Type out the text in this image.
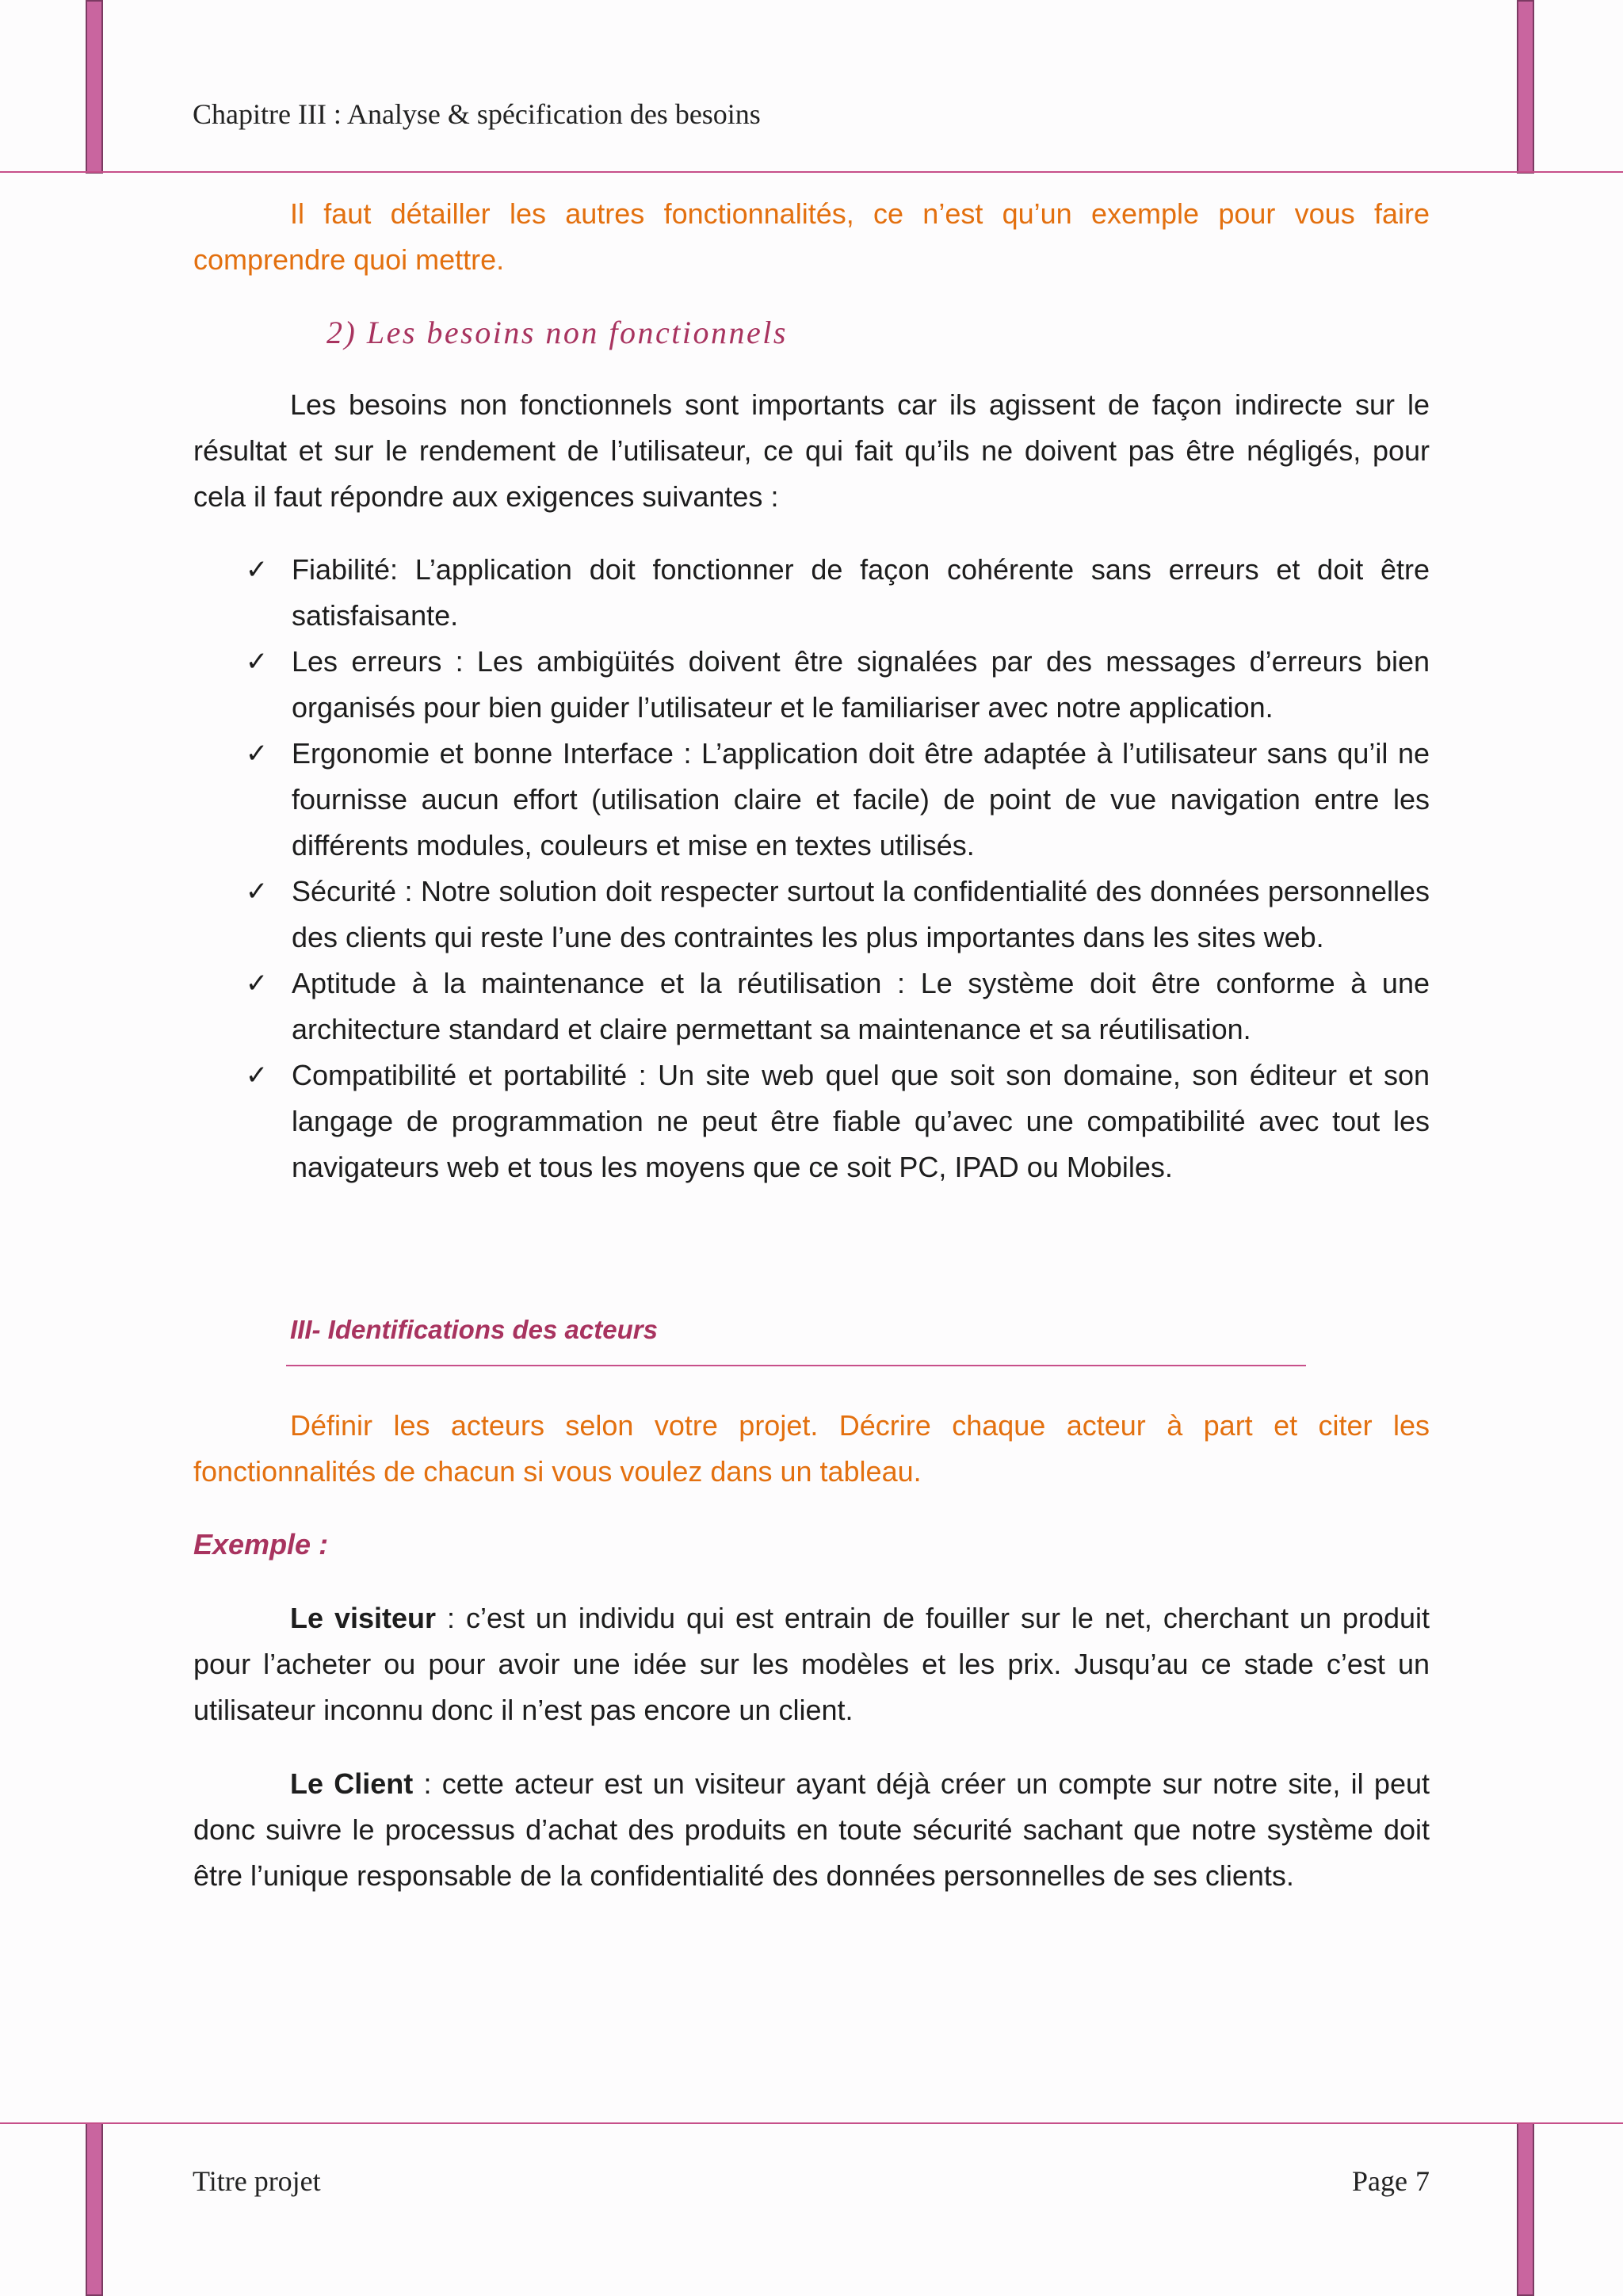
Chapitre III : Analyse & spécification des besoins

Il faut détailler les autres fonctionnalités, ce n’est qu’un exemple pour vous faire comprendre quoi mettre.

2) Les besoins non fonctionnels

Les besoins non fonctionnels sont importants car ils agissent de façon indirecte sur le résultat et sur le rendement de l’utilisateur, ce qui fait qu’ils ne doivent pas être négligés, pour cela il faut répondre aux exigences suivantes :

✓ Fiabilité: L’application doit fonctionner de façon cohérente sans erreurs et doit être satisfaisante.
✓ Les erreurs : Les ambigüités doivent être signalées par des messages d’erreurs bien organisés pour bien guider l’utilisateur et le familiariser avec notre application.
✓ Ergonomie et bonne Interface : L’application doit être adaptée à l’utilisateur sans qu’il ne fournisse aucun effort (utilisation claire et facile) de point de vue navigation entre les différents modules, couleurs et mise en textes utilisés.
✓ Sécurité : Notre solution doit respecter surtout la confidentialité des données personnelles des clients qui reste l’une des contraintes les plus importantes dans les sites web.
✓ Aptitude à la maintenance et la réutilisation : Le système doit être conforme à une architecture standard et claire permettant sa maintenance et sa réutilisation.
✓ Compatibilité et portabilité : Un site web quel que soit son domaine, son éditeur et son langage de programmation ne peut être fiable qu’avec une compatibilité avec tout les navigateurs web et tous les moyens que ce soit PC, IPAD ou Mobiles.
III- Identifications des acteurs

Définir les acteurs selon votre projet. Décrire chaque acteur à part et citer les fonctionnalités de chacun si vous voulez dans un tableau.

Exemple :

Le visiteur : c’est un individu qui est entrain de fouiller sur le net, cherchant un produit pour l’acheter ou pour avoir une idée sur les modèles et les prix. Jusqu’au ce stade c’est un utilisateur inconnu donc il n’est pas encore un client.

Le Client : cette acteur est un visiteur ayant déjà créer un compte sur notre site, il peut donc suivre le processus d’achat des produits en toute sécurité sachant que notre système doit être l’unique responsable de la confidentialité des données personnelles de ses clients.

Titre projet	Page 7
